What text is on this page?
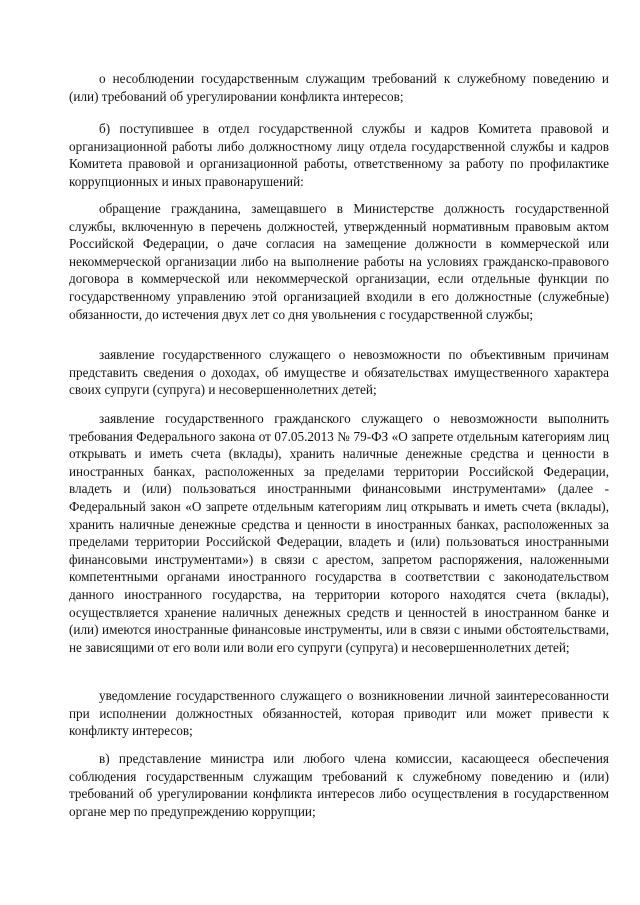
о несоблюдении государственным служащим требований к служебному поведению и (или) требований об урегулировании конфликта интересов;

б) поступившее в отдел государственной службы и кадров Комитета правовой и организационной работы либо должностному лицу отдела государственной службы и кадров Комитета правовой и организационной работы, ответственному за работу по профилактике коррупционных и иных правонарушений:

обращение гражданина, замещавшего в Министерстве должность государственной службы, включенную в перечень должностей, утвержденный нормативным правовым актом Российской Федерации, о даче согласия на замещение должности в коммерческой или некоммерческой организации либо на выполнение работы на условиях гражданско-правового договора в коммерческой или некоммерческой организации, если отдельные функции по государственному управлению этой организацией входили в его должностные (служебные) обязанности, до истечения двух лет со дня увольнения с государственной службы;

заявление государственного служащего о невозможности по объективным причинам представить сведения о доходах, об имуществе и обязательствах имущественного характера своих супруги (супруга) и несовершеннолетних детей;

заявление государственного гражданского служащего о невозможности выполнить требования Федерального закона от 07.05.2013 № 79-ФЗ «О запрете отдельным категориям лиц открывать и иметь счета (вклады), хранить наличные денежные средства и ценности в иностранных банках, расположенных за пределами территории Российской Федерации, владеть и (или) пользоваться иностранными финансовыми инструментами» (далее - Федеральный закон «О запрете отдельным категориям лиц открывать и иметь счета (вклады), хранить наличные денежные средства и ценности в иностранных банках, расположенных за пределами территории Российской Федерации, владеть и (или) пользоваться иностранными финансовыми инструментами») в связи с арестом, запретом распоряжения, наложенными компетентными органами иностранного государства в соответствии с законодательством данного иностранного государства, на территории которого находятся счета (вклады), осуществляется хранение наличных денежных средств и ценностей в иностранном банке и (или) имеются иностранные финансовые инструменты, или в связи с иными обстоятельствами, не зависящими от его воли или воли его супруги (супруга) и несовершеннолетних детей;

уведомление государственного служащего о возникновении личной заинтересованности при исполнении должностных обязанностей, которая приводит или может привести к конфликту интересов;

в) представление министра или любого члена комиссии, касающееся обеспечения соблюдения государственным служащим требований к служебному поведению и (или) требований об урегулировании конфликта интересов либо осуществления в государственном органе мер по предупреждению коррупции;
